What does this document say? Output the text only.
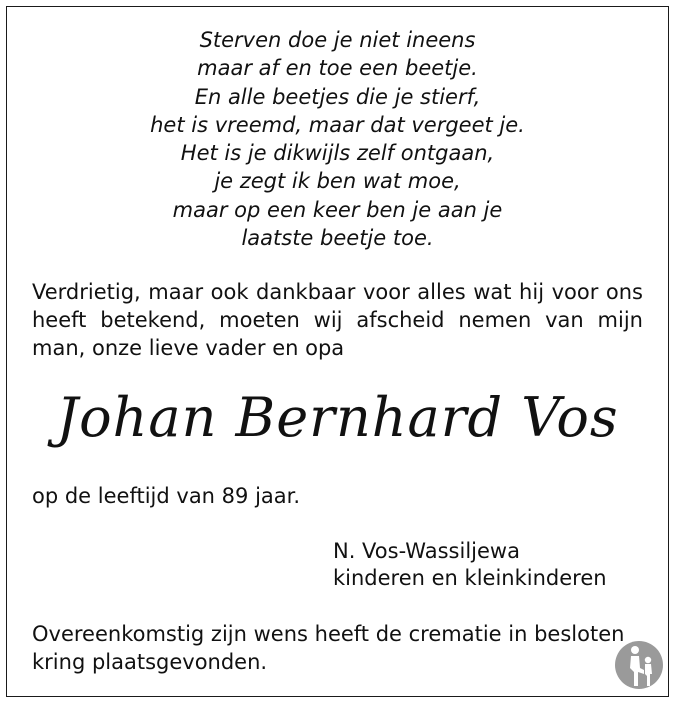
Sterven doe je niet ineens
maar af en toe een beetje.
En alle beetjes die je stierf,
het is vreemd, maar dat vergeet je.
Het is je dikwijls zelf ontgaan,
je zegt ik ben wat moe,
maar op een keer ben je aan je
laatste beetje toe.
Verdrietig, maar ook dankbaar voor alles wat hij voor ons heeft betekend, moeten wij afscheid nemen van mijn man, onze lieve vader en opa
Johan Bernhard Vos
op de leeftijd van 89 jaar.
N. Vos-Wassiljewa
kinderen en kleinkinderen
Overeenkomstig zijn wens heeft de crematie in besloten
kring plaatsgevonden.
